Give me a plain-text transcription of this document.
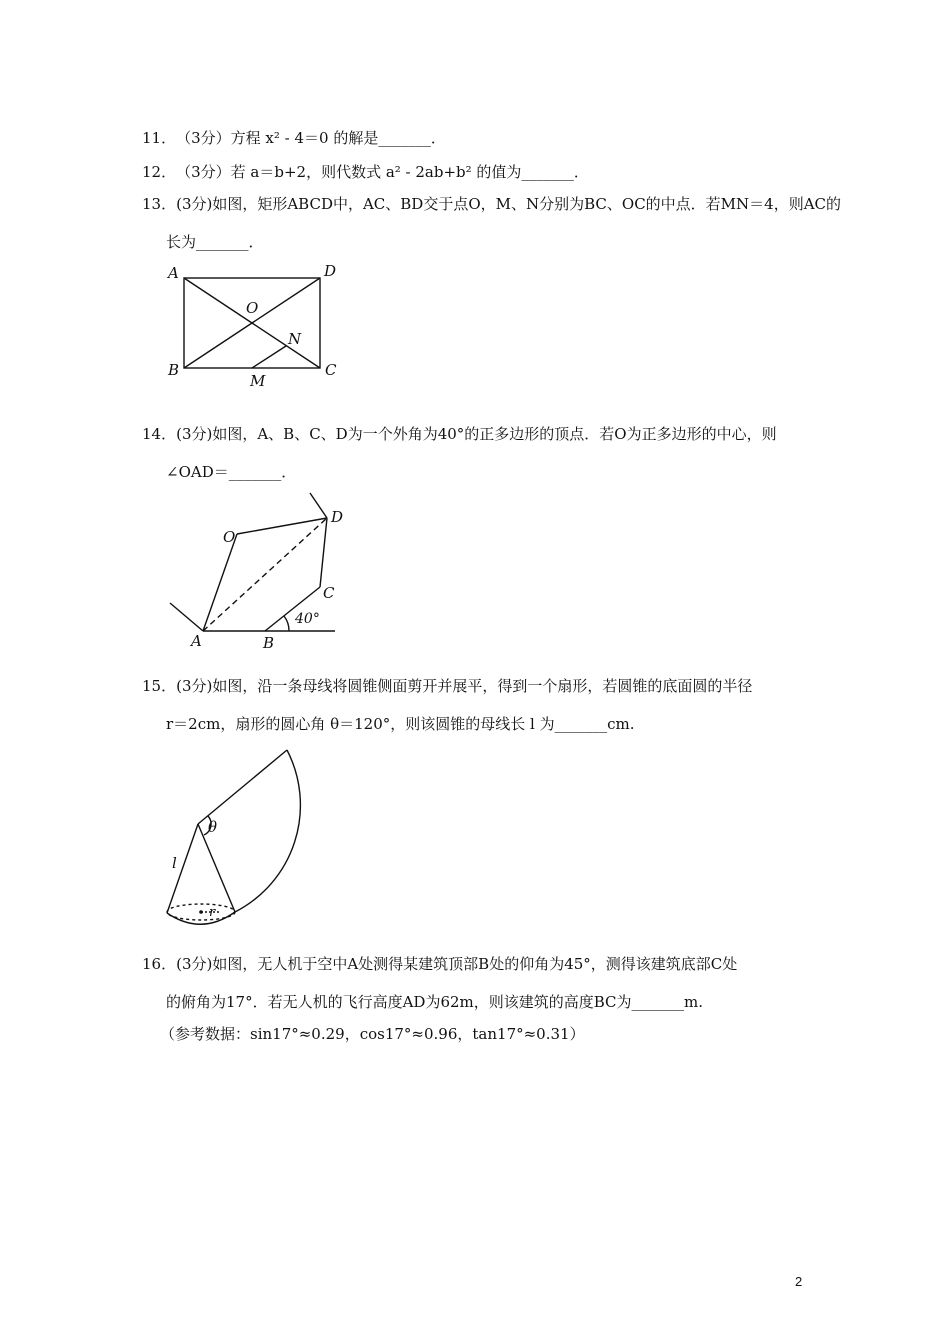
11．（3分）方程 x² - 4＝0 的解是_______．
12．（3分）若 a＝b+2，则代数式 a² - 2ab+b² 的值为_______．
13．(3分)如图，矩形ABCD中，AC、BD交于点O，M、N分别为BC、OC的中点．若MN＝4，则AC的
长为_______．
A	D
O
N
B	C
M
14．(3分)如图，A、B、C、D为一个外角为40°的正多边形的顶点．若O为正多边形的中心，则
∠OAD＝_______．
O
D
C
A	B
40°
15．(3分)如图，沿一条母线将圆锥侧面剪开并展平，得到一个扇形，若圆锥的底面圆的半径
r＝2cm，扇形的圆心角 θ＝120°，则该圆锥的母线长 l 为_______cm.
θ
l
r
16．(3分)如图，无人机于空中A处测得某建筑顶部B处的仰角为45°，测得该建筑底部C处
的俯角为17°．若无人机的飞行高度AD为62m，则该建筑的高度BC为_______m.
（参考数据：sin17°≈0.29，cos17°≈0.96，tan17°≈0.31）
2
